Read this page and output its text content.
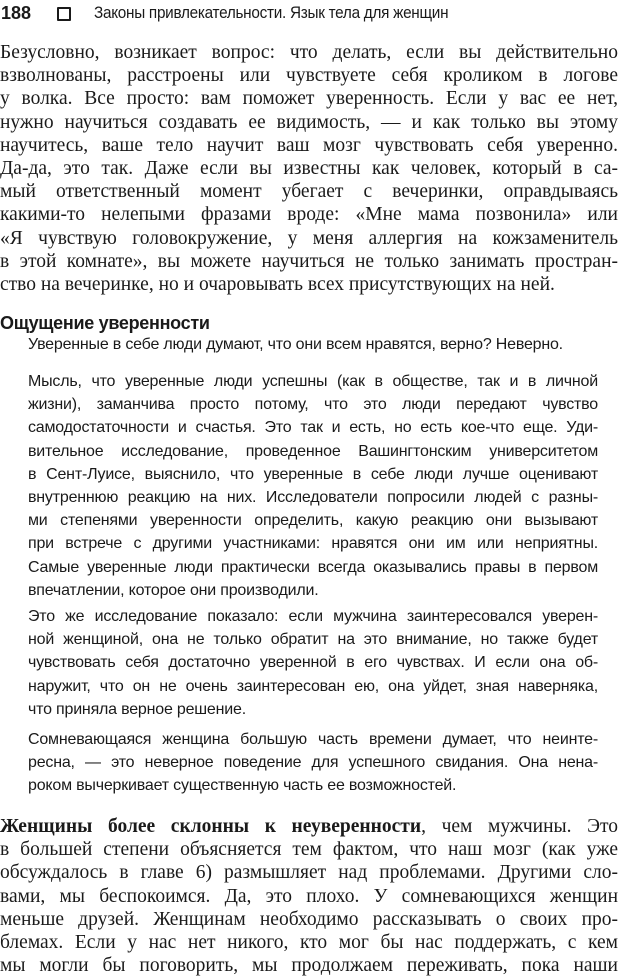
188	Законы привлекательности. Язык тела для женщин
Безусловно, возникает вопрос: что делать, если вы действительно
взволнованы, расстроены или чувствуете себя кроликом в логове
у волка. Все просто: вам поможет уверенность. Если у вас ее нет,
нужно научиться создавать ее видимость, — и как только вы этому
научитесь, ваше тело научит ваш мозг чувствовать себя уверенно.
Да-да, это так. Даже если вы известны как человек, который в са-
мый ответственный момент убегает с вечеринки, оправдываясь
какими-то нелепыми фразами вроде: «Мне мама позвонила» или
«Я чувствую головокружение, у меня аллергия на кожзаменитель
в этой комнате», вы можете научиться не только занимать простран-
ство на вечеринке, но и очаровывать всех присутствующих на ней.
Ощущение уверенности
Уверенные в себе люди думают, что они всем нравятся, верно? Неверно.
Мысль, что уверенные люди успешны (как в обществе, так и в личной
жизни), заманчива просто потому, что это люди передают чувство
самодостаточности и счастья. Это так и есть, но есть кое-что еще. Уди-
вительное исследование, проведенное Вашингтонским университетом
в Сент-Луисе, выяснило, что уверенные в себе люди лучше оценивают
внутреннюю реакцию на них. Исследователи попросили людей с разны-
ми степенями уверенности определить, какую реакцию они вызывают
при встрече с другими участниками: нравятся они им или неприятны.
Самые уверенные люди практически всегда оказывались правы в первом
впечатлении, которое они производили.
Это же исследование показало: если мужчина заинтересовался уверен-
ной женщиной, она не только обратит на это внимание, но также будет
чувствовать себя достаточно уверенной в его чувствах. И если она об-
наружит, что он не очень заинтересован ею, она уйдет, зная наверняка,
что приняла верное решение.
Сомневающаяся женщина большую часть времени думает, что неинте-
ресна, — это неверное поведение для успешного свидания. Она нена-
роком вычеркивает существенную часть ее возможностей.
Женщины более склонны к неуверенности, чем мужчины. Это
в большей степени объясняется тем фактом, что наш мозг (как уже
обсуждалось в главе 6) размышляет над проблемами. Другими сло-
вами, мы беспокоимся. Да, это плохо. У сомневающихся женщин
меньше друзей. Женщинам необходимо рассказывать о своих про-
блемах. Если у нас нет никого, кто мог бы нас поддержать, с кем
мы могли бы поговорить, мы продолжаем переживать, пока наши
